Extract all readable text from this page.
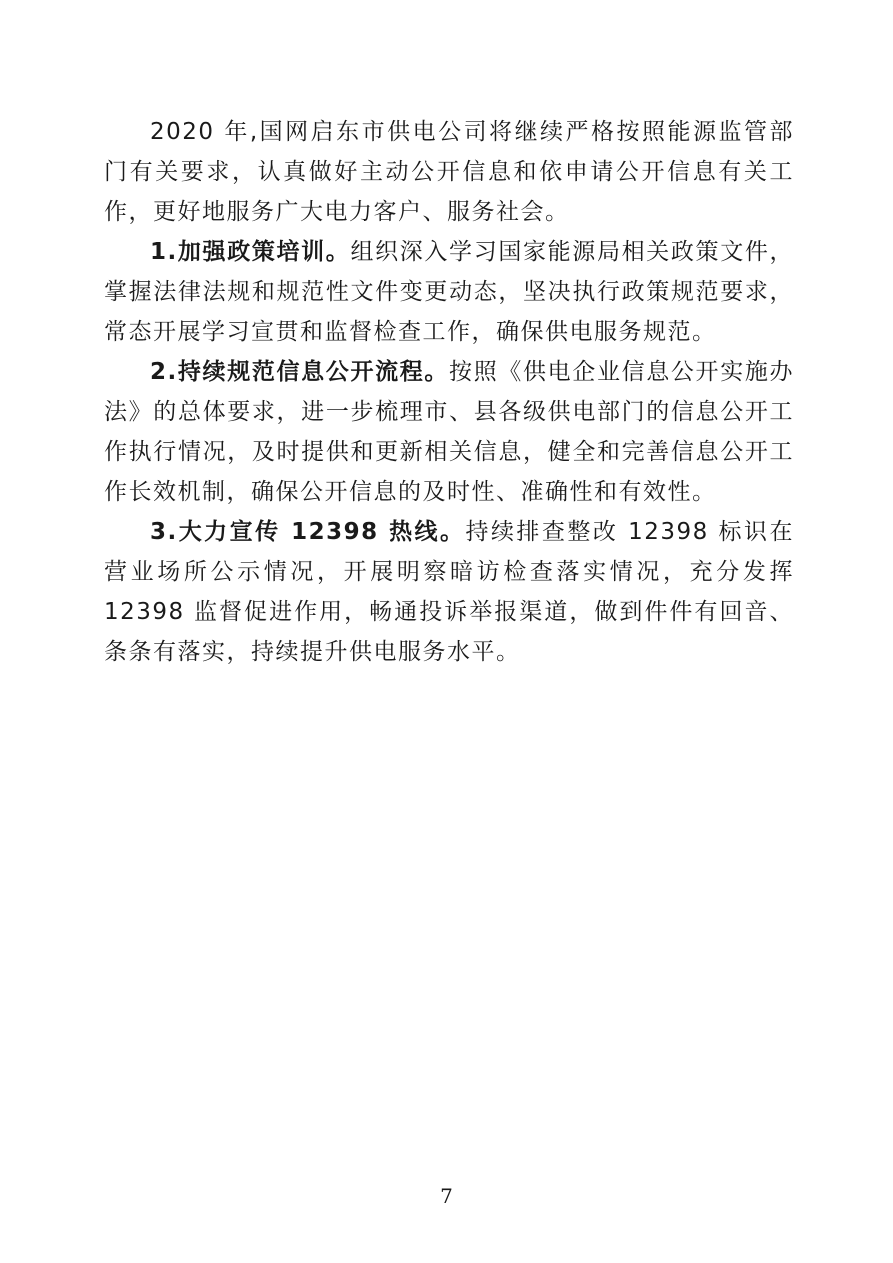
2020 年,国网启东市供电公司将继续严格按照能源监管部门有关要求，认真做好主动公开信息和依申请公开信息有关工作，更好地服务广大电力客户、服务社会。

1.加强政策培训。组织深入学习国家能源局相关政策文件，掌握法律法规和规范性文件变更动态，坚决执行政策规范要求，常态开展学习宣贯和监督检查工作，确保供电服务规范。

2.持续规范信息公开流程。按照《供电企业信息公开实施办法》的总体要求，进一步梳理市、县各级供电部门的信息公开工作执行情况，及时提供和更新相关信息，健全和完善信息公开工作长效机制，确保公开信息的及时性、准确性和有效性。

3.大力宣传 12398 热线。持续排查整改 12398 标识在营业场所公示情况，开展明察暗访检查落实情况，充分发挥 12398 监督促进作用，畅通投诉举报渠道，做到件件有回音、条条有落实，持续提升供电服务水平。

7
